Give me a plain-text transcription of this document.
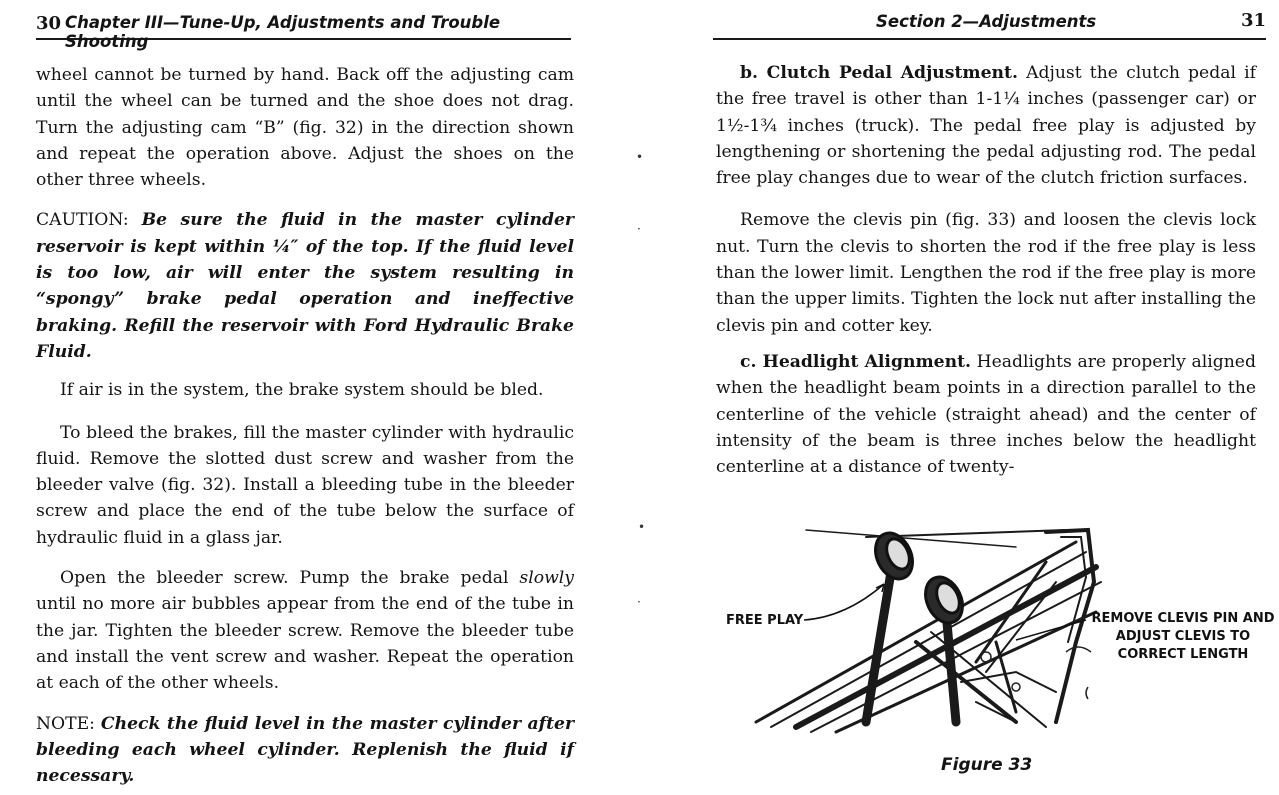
30 Chapter III—Tune-Up, Adjustments and Trouble Shooting

wheel cannot be turned by hand. Back off the adjusting cam until the wheel can be turned and the shoe does not drag. Turn the adjusting cam “B” (fig. 32) in the direction shown and repeat the operation above. Adjust the shoes on the other three wheels.

CAUTION: Be sure the fluid in the master cylinder reservoir is kept within ¼″ of the top. If the fluid level is too low, air will enter the system resulting in “spongy” brake pedal operation and ineffective braking. Refill the reservoir with Ford Hydraulic Brake Fluid.

If air is in the system, the brake system should be bled.

To bleed the brakes, fill the master cylinder with hydraulic fluid. Remove the slotted dust screw and washer from the bleeder valve (fig. 32). Install a bleeding tube in the bleeder screw and place the end of the tube below the surface of hydraulic fluid in a glass jar.

Open the bleeder screw. Pump the brake pedal slowly until no more air bubbles appear from the end of the tube in the jar. Tighten the bleeder screw. Remove the bleeder tube and install the vent screw and washer. Repeat the operation at each of the other wheels.

NOTE: Check the fluid level in the master cylinder after bleeding each wheel cylinder. Replenish the fluid if necessary.

•
·
•
·
Section 2—Adjustments	31

b. Clutch Pedal Adjustment. Adjust the clutch pedal if the free travel is other than 1-1¼ inches (passenger car) or 1½-1¾ inches (truck). The pedal free play is adjusted by lengthening or shortening the pedal adjusting rod. The pedal free play changes due to wear of the clutch friction surfaces.

Remove the clevis pin (fig. 33) and loosen the clevis lock nut. Turn the clevis to shorten the rod if the free play is less than the lower limit. Lengthen the rod if the free play is more than the upper limits. Tighten the lock nut after installing the clevis pin and cotter key.

c. Headlight Alignment. Headlights are properly aligned when the headlight beam points in a direction parallel to the centerline of the vehicle (straight ahead) and the center of intensity of the beam is three inches below the headlight centerline at a distance of twenty-

FREE PLAY	REMOVE CLEVIS PIN AND
ADJUST CLEVIS TO
CORRECT LENGTH
Figure 33
